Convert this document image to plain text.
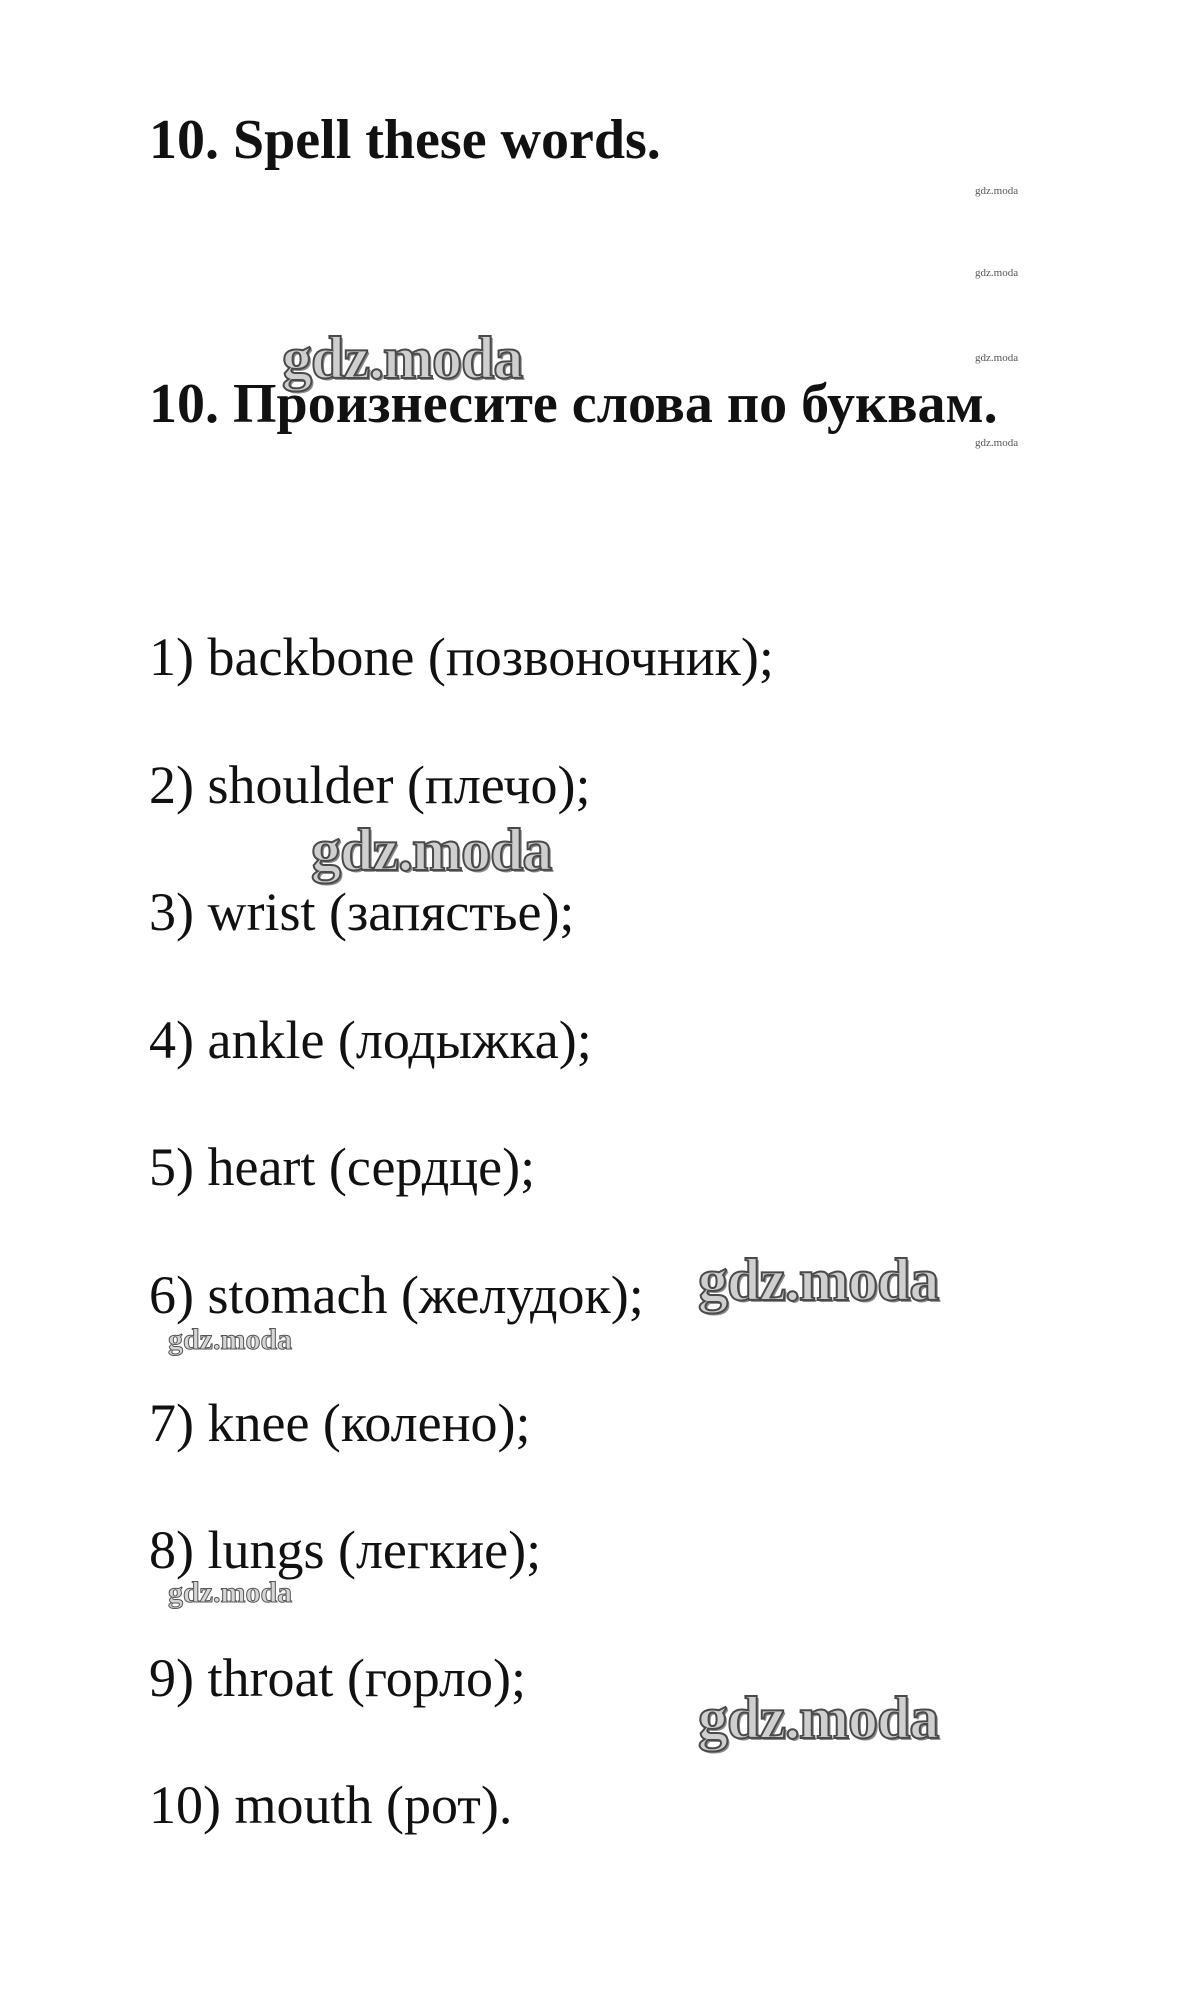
10. Spell these words.
10. Произнесите слова по буквам.
1) backbone (позвоночник);
2) shoulder (плечо);
3) wrist (запястье);
4) ankle (лодыжка);
5) heart (сердце);
6) stomach (желудок);
7) knee (колено);
8) lungs (легкие);
9) throat (горло);
10) mouth (рот).
gdz.moda
gdz.moda
gdz.moda
gdz.moda
gdz.moda
gdz.moda
gdz.moda
gdz.moda
gdz.moda
gdz.moda
